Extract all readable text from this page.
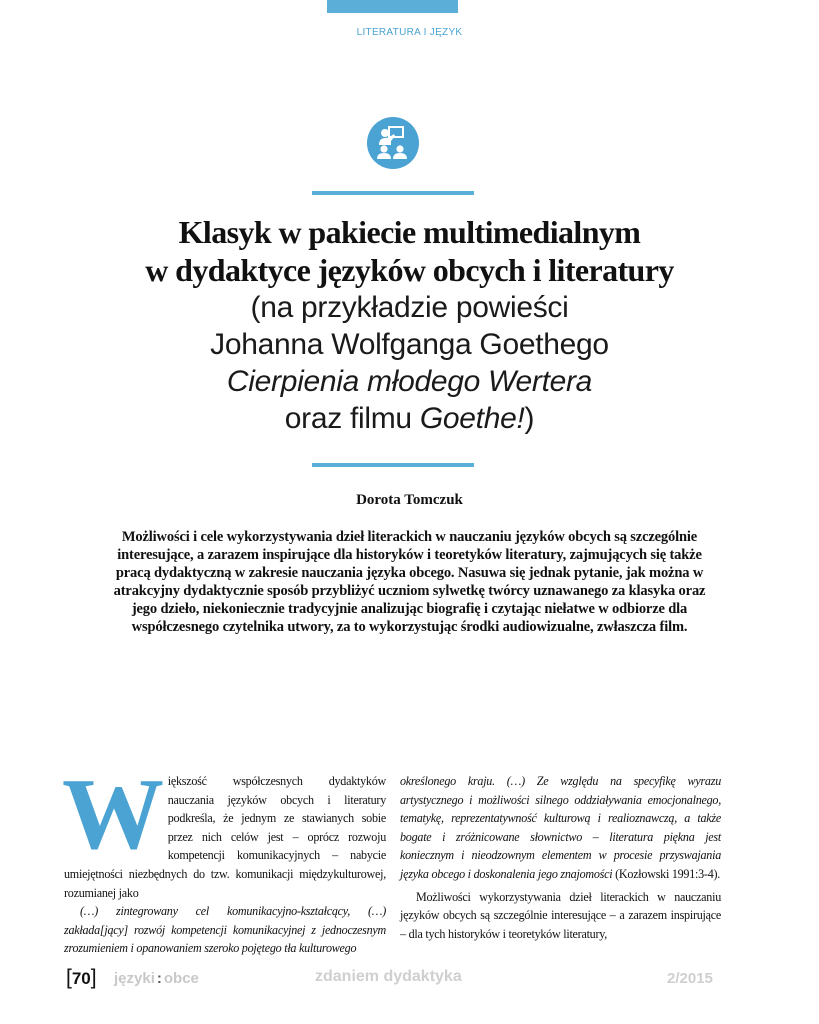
LITERATURA I JĘZYK
Klasyk w pakiecie multimedialnym
w dydaktyce języków obcych i literatury
(na przykładzie powieści
Johanna Wolfganga Goethego
Cierpienia młodego Wertera
oraz filmu Goethe!)
Dorota Tomczuk
Możliwości i cele wykorzystywania dzieł literackich w nauczaniu języków obcych są szczególnie interesujące, a zarazem inspirujące dla historyków i teoretyków literatury, zajmujących się także pracą dydaktyczną w zakresie nauczania języka obcego. Nasuwa się jednak pytanie, jak można w atrakcyjny dydaktycznie sposób przybliżyć uczniom sylwetkę twórcy uznawanego za klasyka oraz jego dzieło, niekoniecznie tradycyjnie analizując biografię i czytając niełatwe w odbiorze dla współczesnego czytelnika utwory, za to wykorzystując środki audiowizualne, zwłaszcza film.

Większość współczesnych dydaktyków nauczania języków obcych i literatury podkreśla, że jednym ze stawianych sobie przez nich celów jest – oprócz rozwoju kompetencji komunikacyjnych – nabycie umiejętności niezbędnych do tzw. komunikacji międzykulturowej, rozumianej jako

(…) zintegrowany cel komunikacyjno-kształcący, (…) zakłada[jący] rozwój kompetencji komunikacyjnej z jednoczesnym zrozumieniem i opanowaniem szeroko pojętego tła kulturowego

określonego kraju. (…) Ze względu na specyfikę wyrazu artystycznego i możliwości silnego oddziaływania emocjonalnego, tematykę, reprezentatywność kulturową i realioznawczą, a także bogate i zróżnicowane słownictwo – literatura piękna jest koniecznym i nieodzownym elementem w procesie przyswajania języka obcego i doskonalenia jego znajomości (Kozłowski 1991:3-4).

Możliwości wykorzystywania dzieł literackich w nauczaniu języków obcych są szczególnie interesujące – a zarazem inspirujące – dla tych historyków i teoretyków literatury,

[70] języki : obce	zdaniem dydaktyka	2/2015
